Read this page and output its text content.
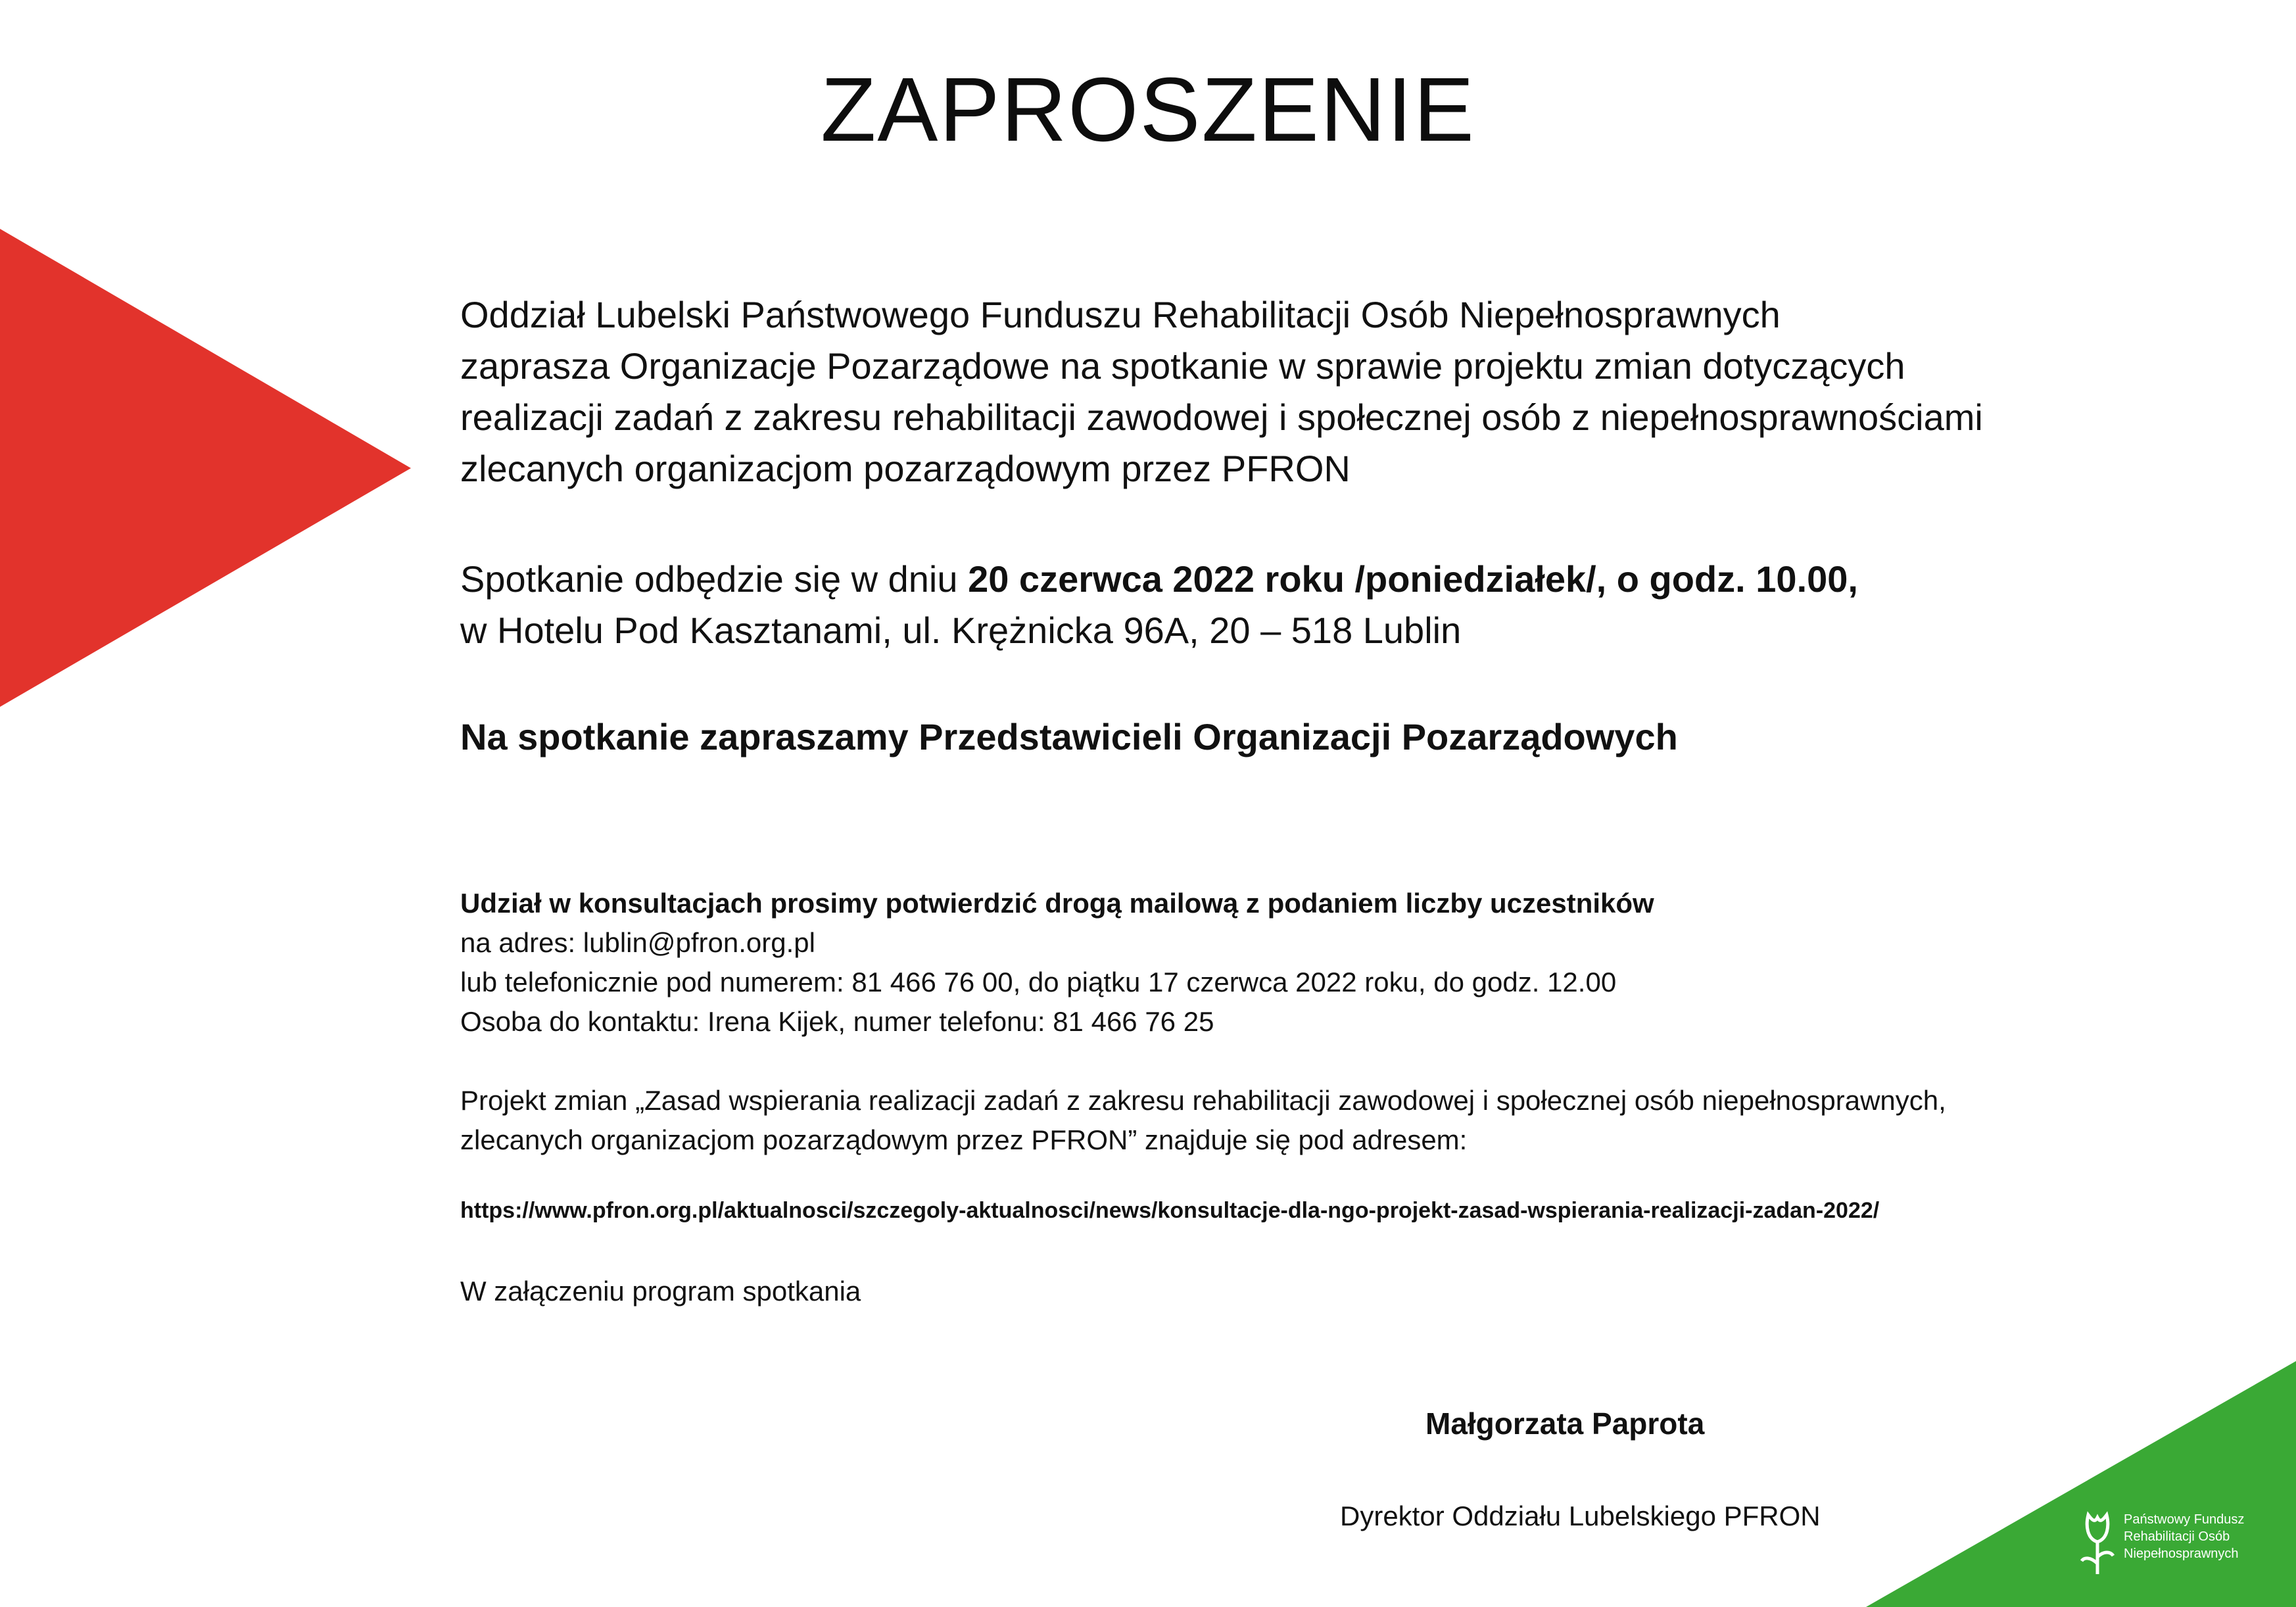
ZAPROSZENIE

Oddział Lubelski Państwowego Funduszu Rehabilitacji Osób Niepełnosprawnych

zaprasza Organizacje Pozarządowe na spotkanie w sprawie projektu zmian dotyczących

realizacji zadań z zakresu rehabilitacji zawodowej i społecznej osób z niepełnosprawnościami

zlecanych organizacjom pozarządowym przez PFRON

Spotkanie odbędzie się w dniu 20 czerwca 2022 roku /poniedziałek/, o godz. 10.00,

w Hotelu Pod Kasztanami, ul. Krężnicka 96A, 20 – 518 Lublin

Na spotkanie zapraszamy Przedstawicieli Organizacji Pozarządowych

Udział w konsultacjach prosimy potwierdzić drogą mailową z podaniem liczby uczestników

na adres: lublin@pfron.org.pl

lub telefonicznie pod numerem: 81 466 76 00, do piątku 17 czerwca 2022 roku, do godz. 12.00

Osoba do kontaktu: Irena Kijek, numer telefonu: 81 466 76 25

Projekt zmian „Zasad wspierania realizacji zadań z zakresu rehabilitacji zawodowej i społecznej osób niepełnosprawnych,

zlecanych organizacjom pozarządowym przez PFRON” znajduje się pod adresem:

https://www.pfron.org.pl/aktualnosci/szczegoly-aktualnosci/news/konsultacje-dla-ngo-projekt-zasad-wspierania-realizacji-zadan-2022/

W załączeniu program spotkania

Małgorzata Paprota
Dyrektor Oddziału Lubelskiego PFRON	Państwowy Fundusz
Rehabilitacji Osób
Niepełnosprawnych
